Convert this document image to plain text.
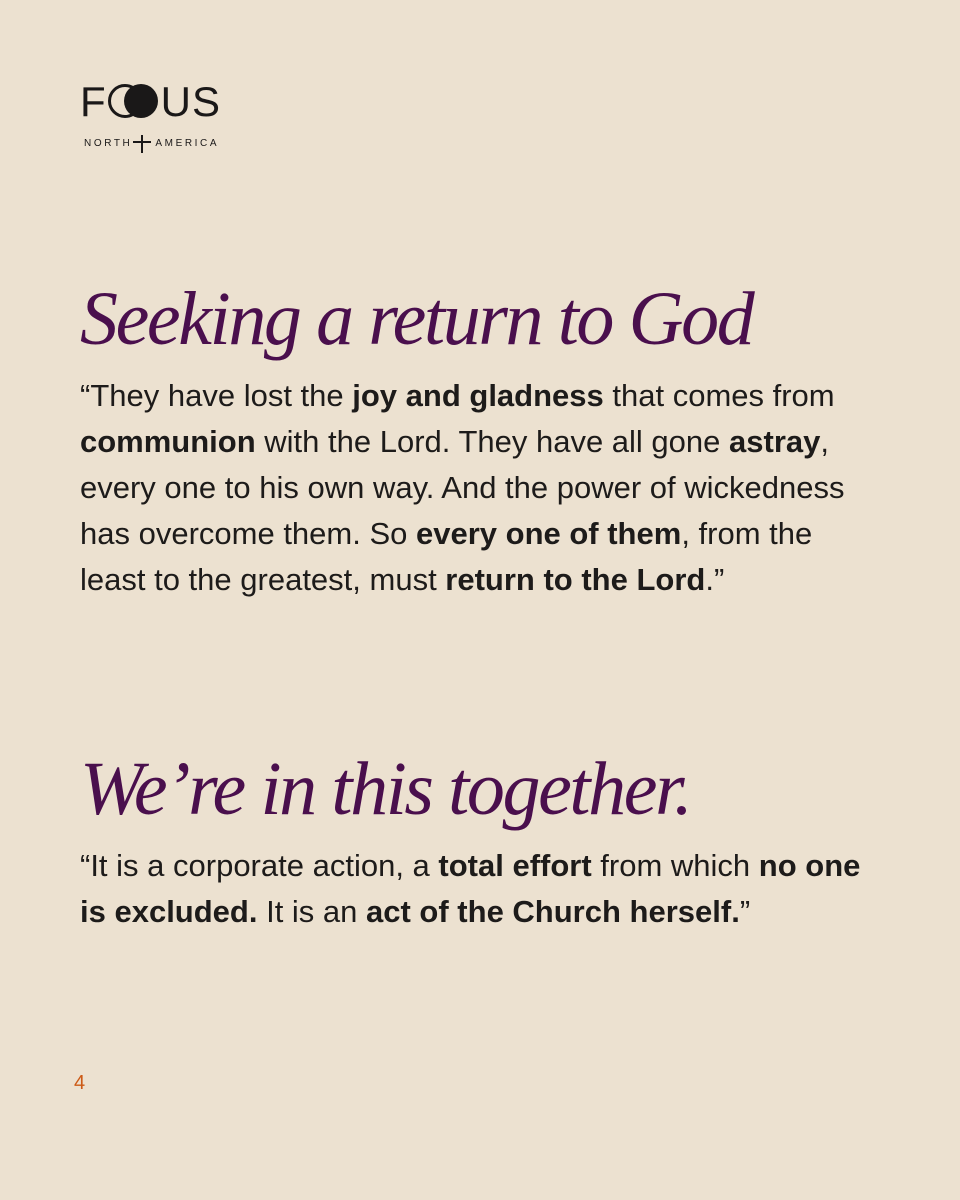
F US
NORTH AMERICA
Seeking a return to God

“They have lost the joy and gladness that comes from communion with the Lord. They have all gone astray, every one to his own way. And the power of wickedness has overcome them. So every one of them, from the least to the greatest, must return to the Lord.”

We’re in this together.

“It is a corporate action, a total effort from which no one is excluded. It is an act of the Church herself.”

4
